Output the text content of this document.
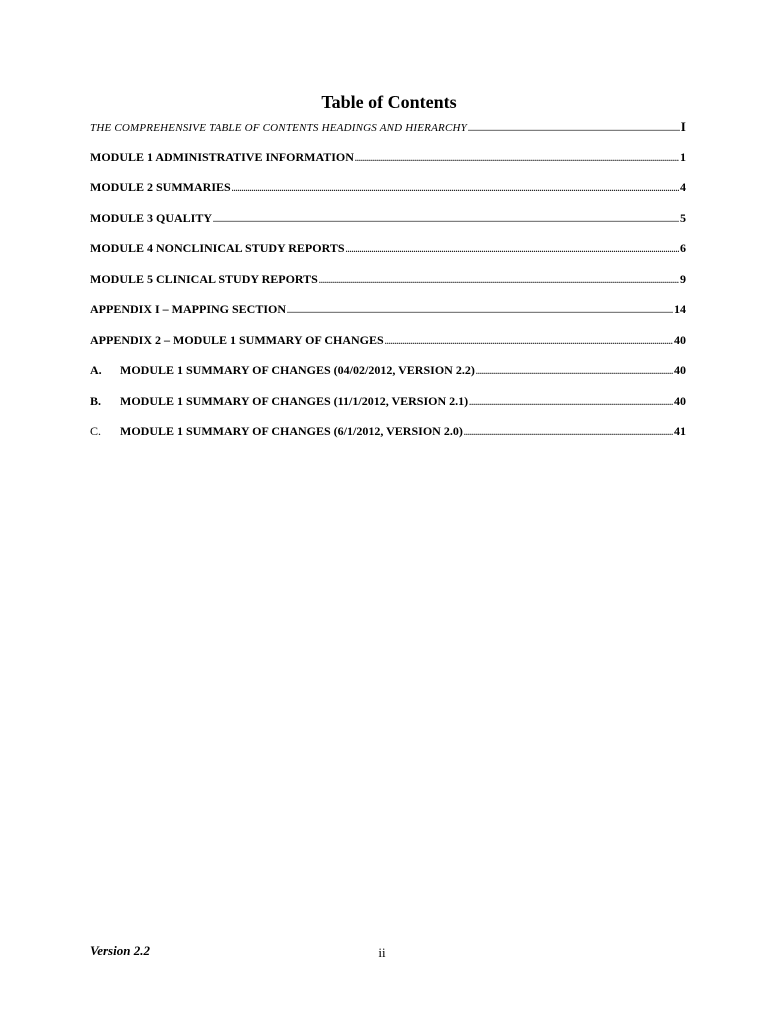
Table of Contents
THE COMPREHENSIVE TABLE OF CONTENTS HEADINGS AND HIERARCHY .....	I
MODULE 1 ADMINISTRATIVE INFORMATION .....	1
MODULE 2 SUMMARIES .....	4
MODULE 3 QUALITY .....	5
MODULE 4 NONCLINICAL STUDY REPORTS .....	6
MODULE 5 CLINICAL STUDY REPORTS .....	9
APPENDIX I – MAPPING SECTION .....	14
APPENDIX 2 – MODULE 1 SUMMARY OF CHANGES .....	40
A.	MODULE 1 SUMMARY OF CHANGES (04/02/2012, VERSION 2.2) .....	40
B.	MODULE 1 SUMMARY OF CHANGES (11/1/2012, VERSION 2.1) .....	40
C.	MODULE 1 SUMMARY OF CHANGES (6/1/2012, VERSION 2.0) .....	41
Version 2.2	ii
